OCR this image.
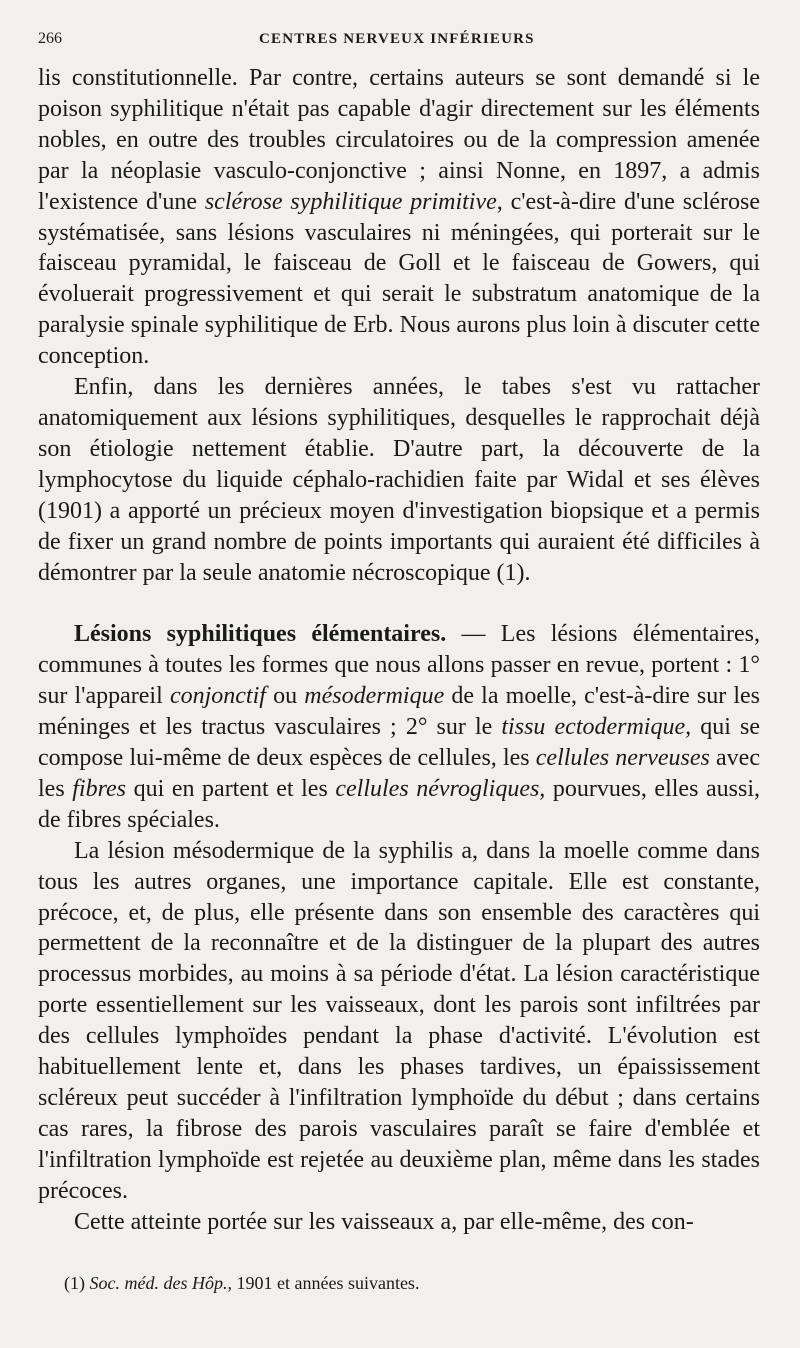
266	CENTRES NERVEUX INFÉRIEURS

lis constitutionnelle. Par contre, certains auteurs se sont demandé si le poison syphilitique n'était pas capable d'agir directement sur les éléments nobles, en outre des troubles circulatoires ou de la compression amenée par la néoplasie vasculo-conjonctive ; ainsi Nonne, en 1897, a admis l'existence d'une sclérose syphilitique primitive, c'est-à-dire d'une sclérose systématisée, sans lésions vasculaires ni méningées, qui porterait sur le faisceau pyramidal, le faisceau de Goll et le faisceau de Gowers, qui évoluerait progressivement et qui serait le substratum anatomique de la paralysie spinale syphilitique de Erb. Nous aurons plus loin à discuter cette conception.

Enfin, dans les dernières années, le tabes s'est vu rattacher anatomiquement aux lésions syphilitiques, desquelles le rapprochait déjà son étiologie nettement établie. D'autre part, la découverte de la lymphocytose du liquide céphalo-rachidien faite par Widal et ses élèves (1901) a apporté un précieux moyen d'investigation biopsique et a permis de fixer un grand nombre de points importants qui auraient été difficiles à démontrer par la seule anatomie nécroscopique (1).

Lésions syphilitiques élémentaires. — Les lésions élémentaires, communes à toutes les formes que nous allons passer en revue, portent : 1° sur l'appareil conjonctif ou mésodermique de la moelle, c'est-à-dire sur les méninges et les tractus vasculaires ; 2° sur le tissu ectodermique, qui se compose lui-même de deux espèces de cellules, les cellules nerveuses avec les fibres qui en partent et les cellules névrogliques, pourvues, elles aussi, de fibres spéciales.

La lésion mésodermique de la syphilis a, dans la moelle comme dans tous les autres organes, une importance capitale. Elle est constante, précoce, et, de plus, elle présente dans son ensemble des caractères qui permettent de la reconnaître et de la distinguer de la plupart des autres processus morbides, au moins à sa période d'état. La lésion caractéristique porte essentiellement sur les vaisseaux, dont les parois sont infiltrées par des cellules lymphoïdes pendant la phase d'activité. L'évolution est habituellement lente et, dans les phases tardives, un épaississement scléreux peut succéder à l'infiltration lymphoïde du début ; dans certains cas rares, la fibrose des parois vasculaires paraît se faire d'emblée et l'infiltration lymphoïde est rejetée au deuxième plan, même dans les stades précoces.

Cette atteinte portée sur les vaisseaux a, par elle-même, des con-

(1) Soc. méd. des Hôp., 1901 et années suivantes.
